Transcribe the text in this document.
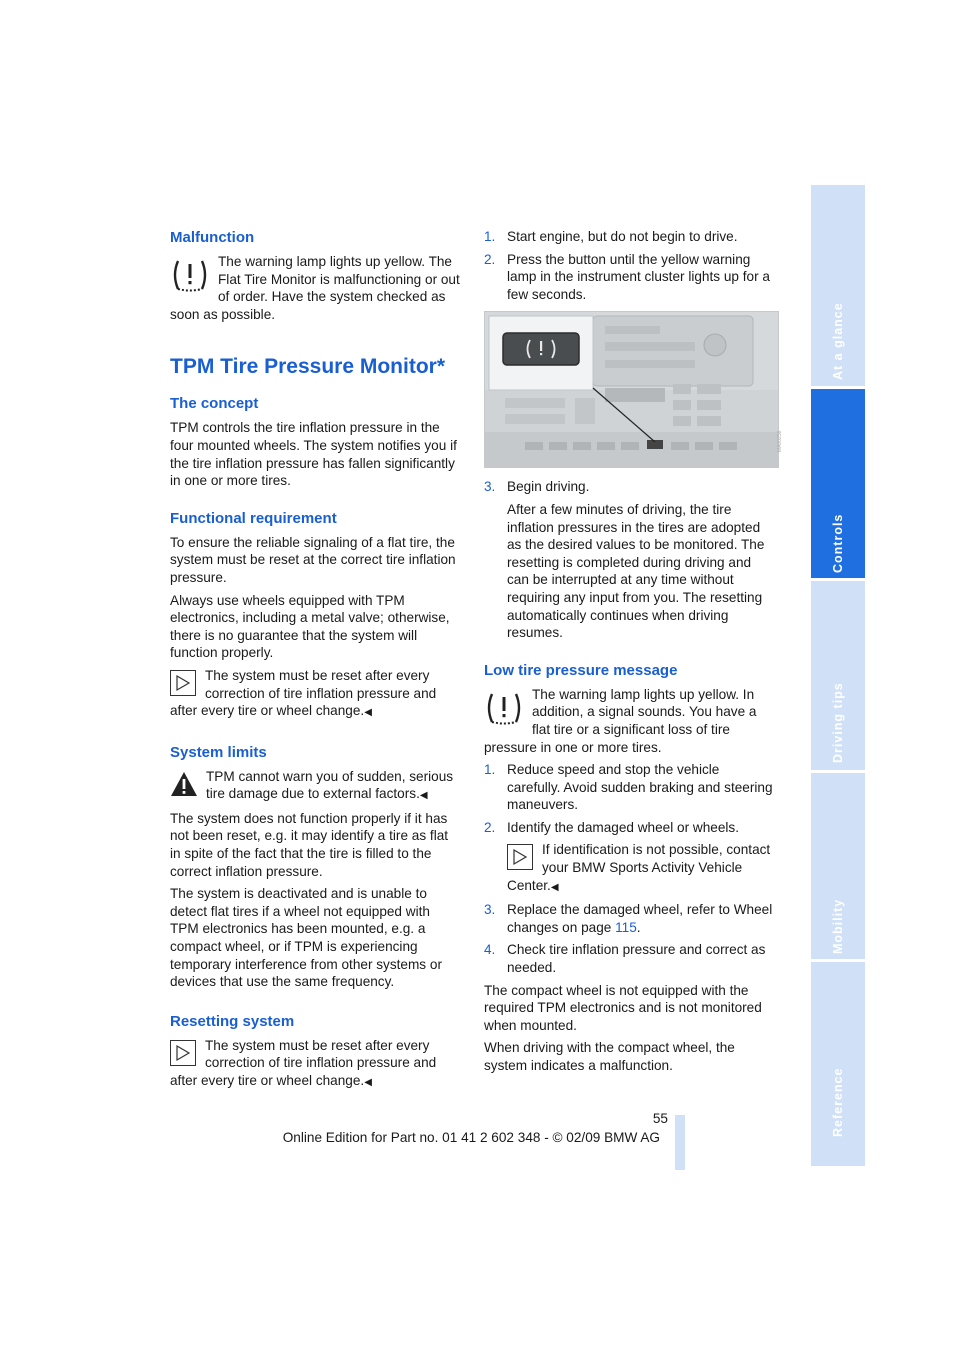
Malfunction

The warning lamp lights up yellow. The Flat Tire Monitor is malfunctioning or out of order. Have the system checked as soon as possible.

TPM Tire Pressure Monitor*
The concept

TPM controls the tire inflation pressure in the four mounted wheels. The system notifies you if the tire inflation pressure has fallen significantly in one or more tires.

Functional requirement

To ensure the reliable signaling of a flat tire, the system must be reset at the correct tire inflation pressure.

Always use wheels equipped with TPM electronics, including a metal valve; otherwise, there is no guarantee that the system will function properly.

The system must be reset after every correction of tire inflation pressure and after every tire or wheel change.◀

System limits

TPM cannot warn you of sudden, serious tire damage due to external factors.◀

The system does not function properly if it has not been reset, e.g. it may identify a tire as flat in spite of the fact that the tire is filled to the correct inflation pressure.

The system is deactivated and is unable to detect flat tires if a wheel not equipped with TPM electronics has been mounted, e.g. a compact wheel, or if TPM is experiencing temporary interference from other systems or devices that use the same frequency.

Resetting system

The system must be reset after every correction of tire inflation pressure and after every tire or wheel change.◀

1. Start engine, but do not begin to drive.
2. Press the button until the yellow warning lamp in the instrument cluster lights up for a few seconds.
MA00258
3. Begin driving.

After a few minutes of driving, the tire inflation pressures in the tires are adopted as the desired values to be monitored. The resetting is completed during driving and can be interrupted at any time without requiring any input from you. The resetting automatically continues when driving resumes.

Low tire pressure message

The warning lamp lights up yellow. In addition, a signal sounds. You have a flat tire or a significant loss of tire pressure in one or more tires.

1. Reduce speed and stop the vehicle carefully. Avoid sudden braking and steering maneuvers.
2. Identify the damaged wheel or wheels.

If identification is not possible, contact your BMW Sports Activity Vehicle Center.◀

3. Replace the damaged wheel, refer to Wheel changes on page 115.
4. Check tire inflation pressure and correct as needed.

The compact wheel is not equipped with the required TPM electronics and is not monitored when mounted.

When driving with the compact wheel, the system indicates a malfunction.

At a glance
Controls
Driving tips
Mobility
Reference
55
Online Edition for Part no. 01 41 2 602 348 - © 02/09 BMW AG
